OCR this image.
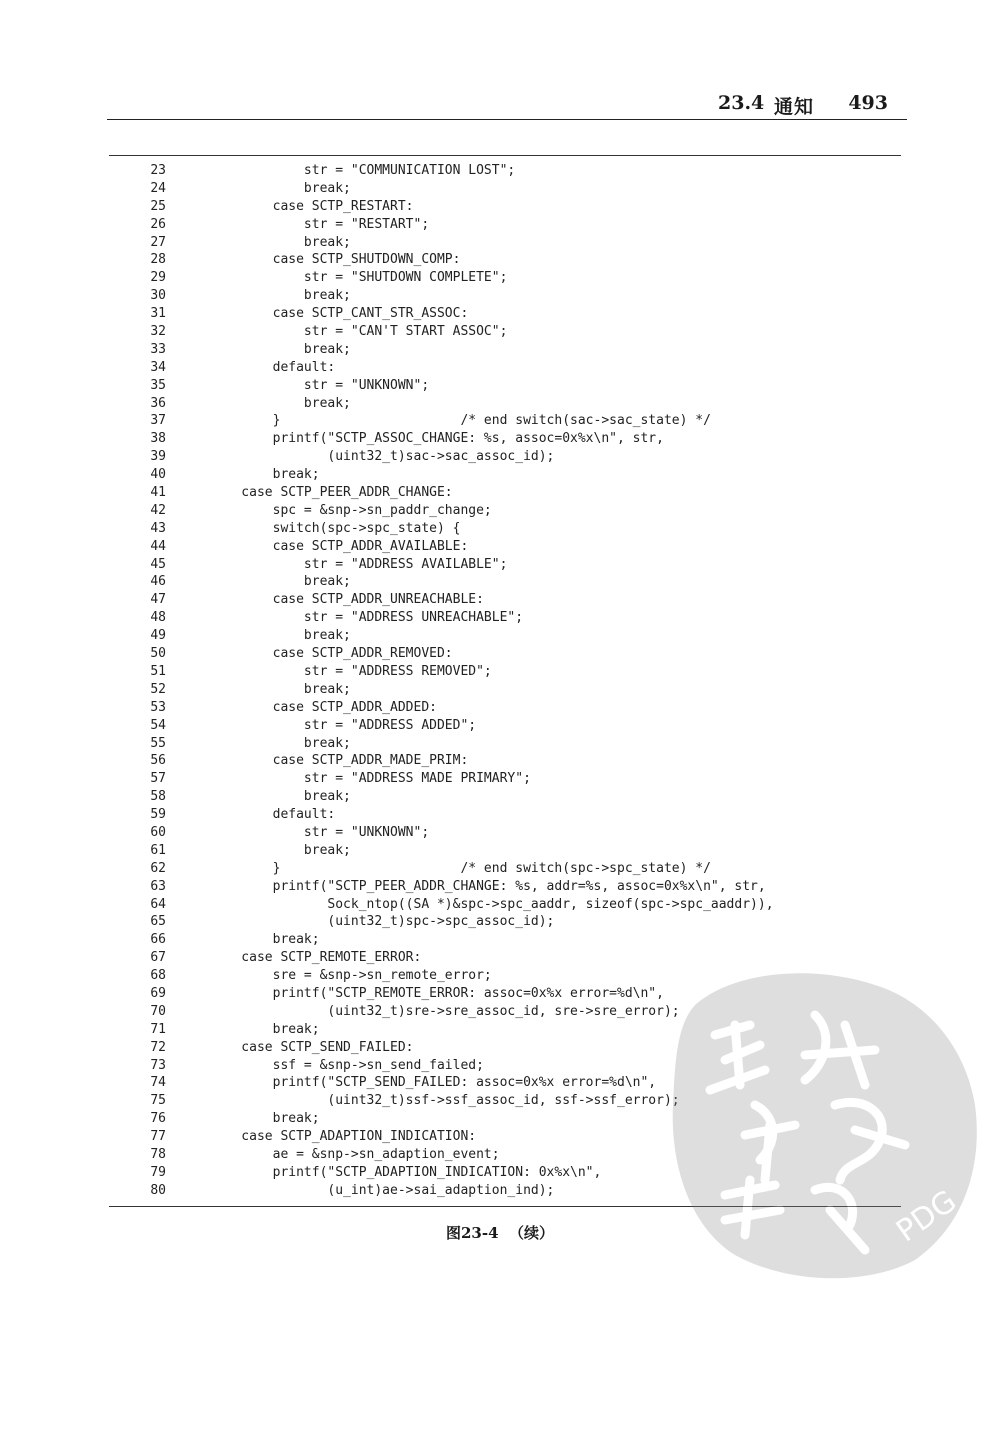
23.4 通知 493
23	str = "COMMUNICATION LOST";
24	break;
25	case SCTP_RESTART:
26	str = "RESTART";
27	break;
28	case SCTP_SHUTDOWN_COMP:
29	str = "SHUTDOWN COMPLETE";
30	break;
31	case SCTP_CANT_STR_ASSOC:
32	str = "CAN'T START ASSOC";
33	break;
34	default:
35	str = "UNKNOWN";
36	break;
37	}                       /* end switch(sac->sac_state) */
38	printf("SCTP_ASSOC_CHANGE: %s, assoc=0x%x\n", str,
39	(uint32_t)sac->sac_assoc_id);
40	break;
41	case SCTP_PEER_ADDR_CHANGE:
42	spc = &snp->sn_paddr_change;
43	switch(spc->spc_state) {
44	case SCTP_ADDR_AVAILABLE:
45	str = "ADDRESS AVAILABLE";
46	break;
47	case SCTP_ADDR_UNREACHABLE:
48	str = "ADDRESS UNREACHABLE";
49	break;
50	case SCTP_ADDR_REMOVED:
51	str = "ADDRESS REMOVED";
52	break;
53	case SCTP_ADDR_ADDED:
54	str = "ADDRESS ADDED";
55	break;
56	case SCTP_ADDR_MADE_PRIM:
57	str = "ADDRESS MADE PRIMARY";
58	break;
59	default:
60	str = "UNKNOWN";
61	break;
62	}                       /* end switch(spc->spc_state) */
63	printf("SCTP_PEER_ADDR_CHANGE: %s, addr=%s, assoc=0x%x\n", str,
64	Sock_ntop((SA *)&spc->spc_aaddr, sizeof(spc->spc_aaddr)),
65	(uint32_t)spc->spc_assoc_id);
66	break;
67	case SCTP_REMOTE_ERROR:
68	sre = &snp->sn_remote_error;
69	printf("SCTP_REMOTE_ERROR: assoc=0x%x error=%d\n",
70	(uint32_t)sre->sre_assoc_id, sre->sre_error);
71	break;
72	case SCTP_SEND_FAILED:
73	ssf = &snp->sn_send_failed;
74	printf("SCTP_SEND_FAILED: assoc=0x%x error=%d\n",
75	(uint32_t)ssf->ssf_assoc_id, ssf->ssf_error);
76	break;
77	case SCTP_ADAPTION_INDICATION:
78	ae = &snp->sn_adaption_event;
79	printf("SCTP_ADAPTION_INDICATION: 0x%x\n",
80	(u_int)ae->sai_adaption_ind);
图23-4  （续）	PDG
